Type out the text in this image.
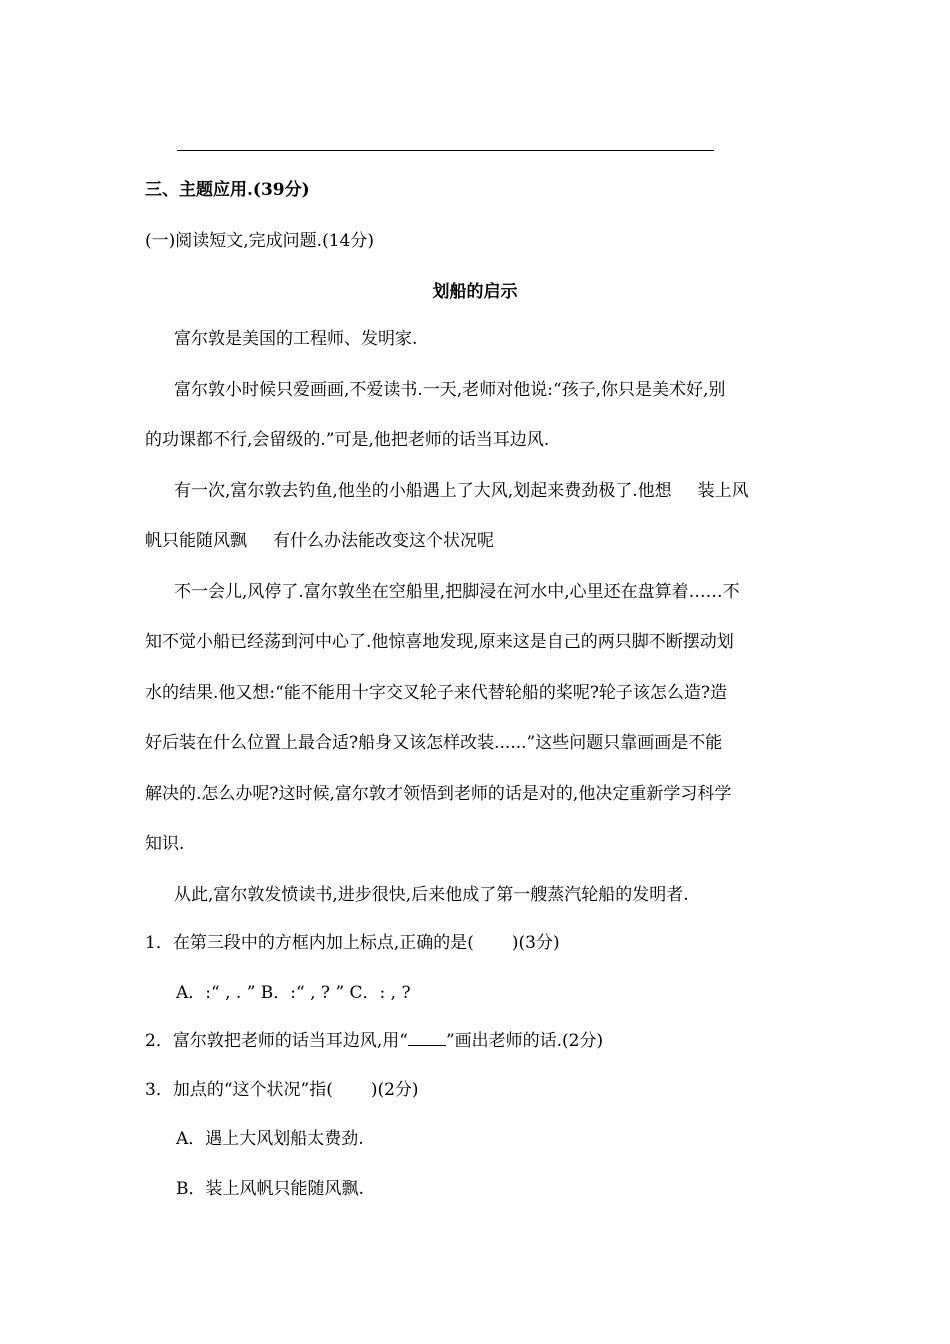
三、主题应用.(39分)
(一)阅读短文,完成问题.(14分)
划船的启示
富尔敦是美国的工程师、发明家.
富尔敦小时候只爱画画,不爱读书.一天,老师对他说:“孩子,你只是美术好,别
的功课都不行,会留级的.”可是,他把老师的话当耳边风.
有一次,富尔敦去钓鱼,他坐的小船遇上了大风,划起来费劲极了.他想 装上风
帆只能随风飘 有什么办法能改变这个状况呢
不一会儿,风停了.富尔敦坐在空船里,把脚浸在河水中,心里还在盘算着……不
知不觉小船已经荡到河中心了.他惊喜地发现,原来这是自己的两只脚不断摆动划
水的结果.他又想:“能不能用十字交叉轮子来代替轮船的桨呢?轮子该怎么造?造
好后装在什么位置上最合适?船身又该怎样改装......”这些问题只靠画画是不能
解决的.怎么办呢?这时候,富尔敦才领悟到老师的话是对的,他决定重新学习科学
知识.
从此,富尔敦发愤读书,进步很快,后来他成了第一艘蒸汽轮船的发明者.
1．在第三段中的方框内加上标点,正确的是( )(3分)
A．:“ , . ” B．:“ , ? ” C．: , ?
2．富尔敦把老师的话当耳边风,用“ ”画出老师的话.(2分)
3．加点的“这个状况”指( )(2分)
A．遇上大风划船太费劲.
B．装上风帆只能随风飘.
